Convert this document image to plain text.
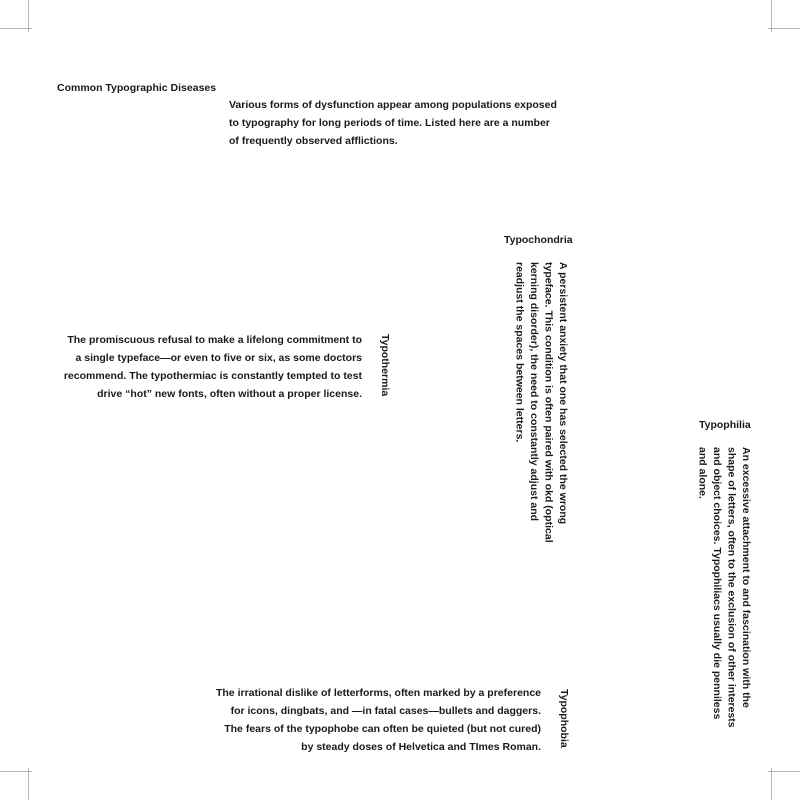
Common Typographic Diseases
Various forms of dysfunction appear among populations exposed
to typography for long periods of time. Listed here are a number
of frequently observed afflictions.
Typochondria
A persistent anxiety that one has selected the wrong
typeface. This condition is often paired with okd (optical
kerning disorder), the need to constantly adjust and
readjust the spaces between letters.
Typothermia
The promiscuous refusal to make a lifelong commitment to
a single typeface—or even to five or six, as some doctors
recommend. The typothermiac is constantly tempted to test
drive “hot” new fonts, often without a proper license.
Typophilia
An excessive attachment to and fascination with the
shape of letters, often to the exclusion of other interests
and object choices. Typophiliacs usually die penniless
and alone.
Typophobia
The irrational dislike of letterforms, often marked by a preference
for icons, dingbats, and —in fatal cases—bullets and daggers.
The fears of the typophobe can often be quieted (but not cured)
by steady doses of Helvetica and TImes Roman.
